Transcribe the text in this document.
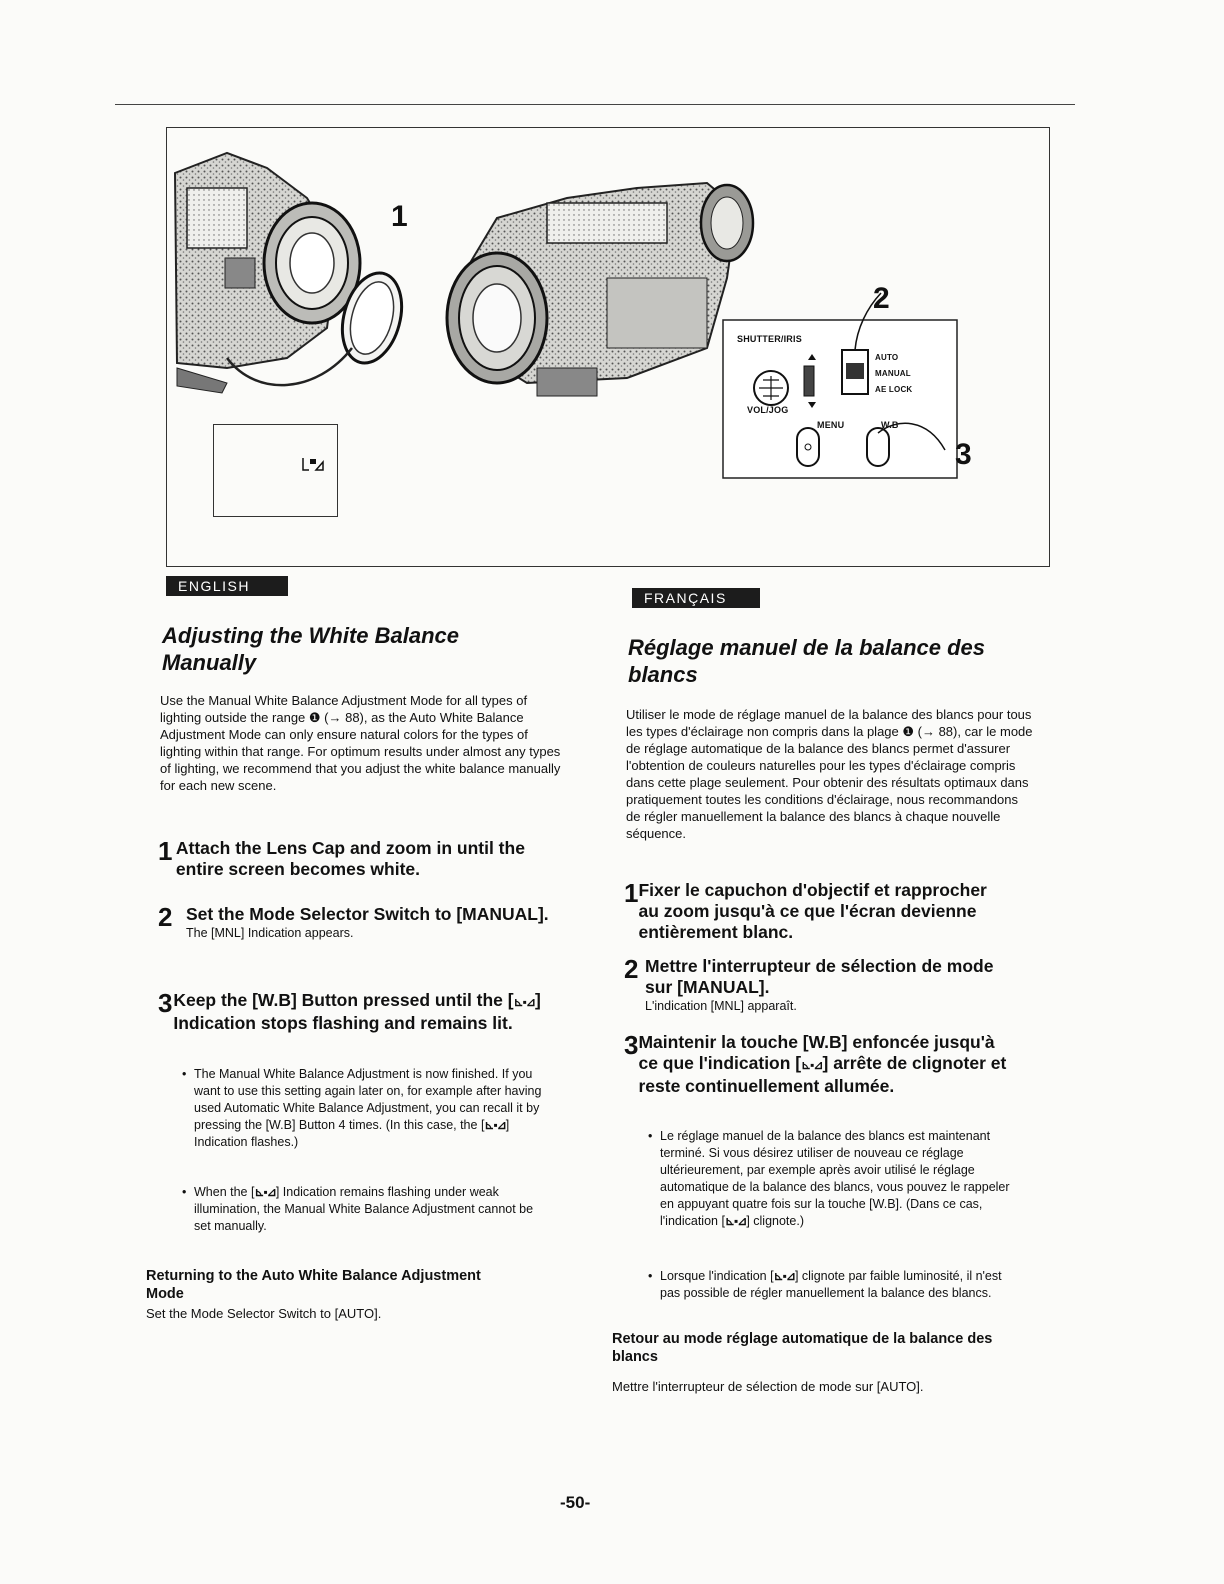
1
2
3
SHUTTER/IRIS
VOL/JOG
MENU	W.B
AUTO
MANUAL
AE LOCK
ENGLISH
Adjusting the White Balance Manually
Use the Manual White Balance Adjustment Mode for all types of lighting outside the range ❶ (→ 88), as the Auto White Balance Adjustment Mode can only ensure natural colors for the types of lighting within that range. For optimum results under almost any types of lighting, we recommend that you adjust the white balance manually for each new scene.
1 Attach the Lens Cap and zoom in until the entire screen becomes white.
2 Set the Mode Selector Switch to [MANUAL].
The [MNL] Indication appears.
3 Keep the [W.B] Button pressed until the [⊾▪⊿] Indication stops flashing and remains lit.
• The Manual White Balance Adjustment is now finished. If you want to use this setting again later on, for example after having used Automatic White Balance Adjustment, you can recall it by pressing the [W.B] Button 4 times. (In this case, the [⊾▪⊿] Indication flashes.)
• When the [⊾▪⊿] Indication remains flashing under weak illumination, the Manual White Balance Adjustment cannot be set manually.
Returning to the Auto White Balance Adjustment Mode
Set the Mode Selector Switch to [AUTO].
FRANÇAIS
Réglage manuel de la balance des blancs
Utiliser le mode de réglage manuel de la balance des blancs pour tous les types d'éclairage non compris dans la plage ❶ (→ 88), car le mode de réglage automatique de la balance des blancs permet d'assurer l'obtention de couleurs naturelles pour les types d'éclairage compris dans cette plage seulement. Pour obtenir des résultats optimaux dans pratiquement toutes les conditions d'éclairage, nous recommandons de régler manuellement la balance des blancs à chaque nouvelle séquence.
1 Fixer le capuchon d'objectif et rapprocher au zoom jusqu'à ce que l'écran devienne entièrement blanc.
2 Mettre l'interrupteur de sélection de mode sur [MANUAL].
L'indication [MNL] apparaît.
3 Maintenir la touche [W.B] enfoncée jusqu'à ce que l'indication [⊾▪⊿] arrête de clignoter et reste continuellement allumée.
• Le réglage manuel de la balance des blancs est maintenant terminé. Si vous désirez utiliser de nouveau ce réglage ultérieurement, par exemple après avoir utilisé le réglage automatique de la balance des blancs, vous pouvez le rappeler en appuyant quatre fois sur la touche [W.B]. (Dans ce cas, l'indication [⊾▪⊿] clignote.)
• Lorsque l'indication [⊾▪⊿] clignote par faible luminosité, il n'est pas possible de régler manuellement la balance des blancs.
Retour au mode réglage automatique de la balance des blancs
Mettre l'interrupteur de sélection de mode sur [AUTO].
-50-
